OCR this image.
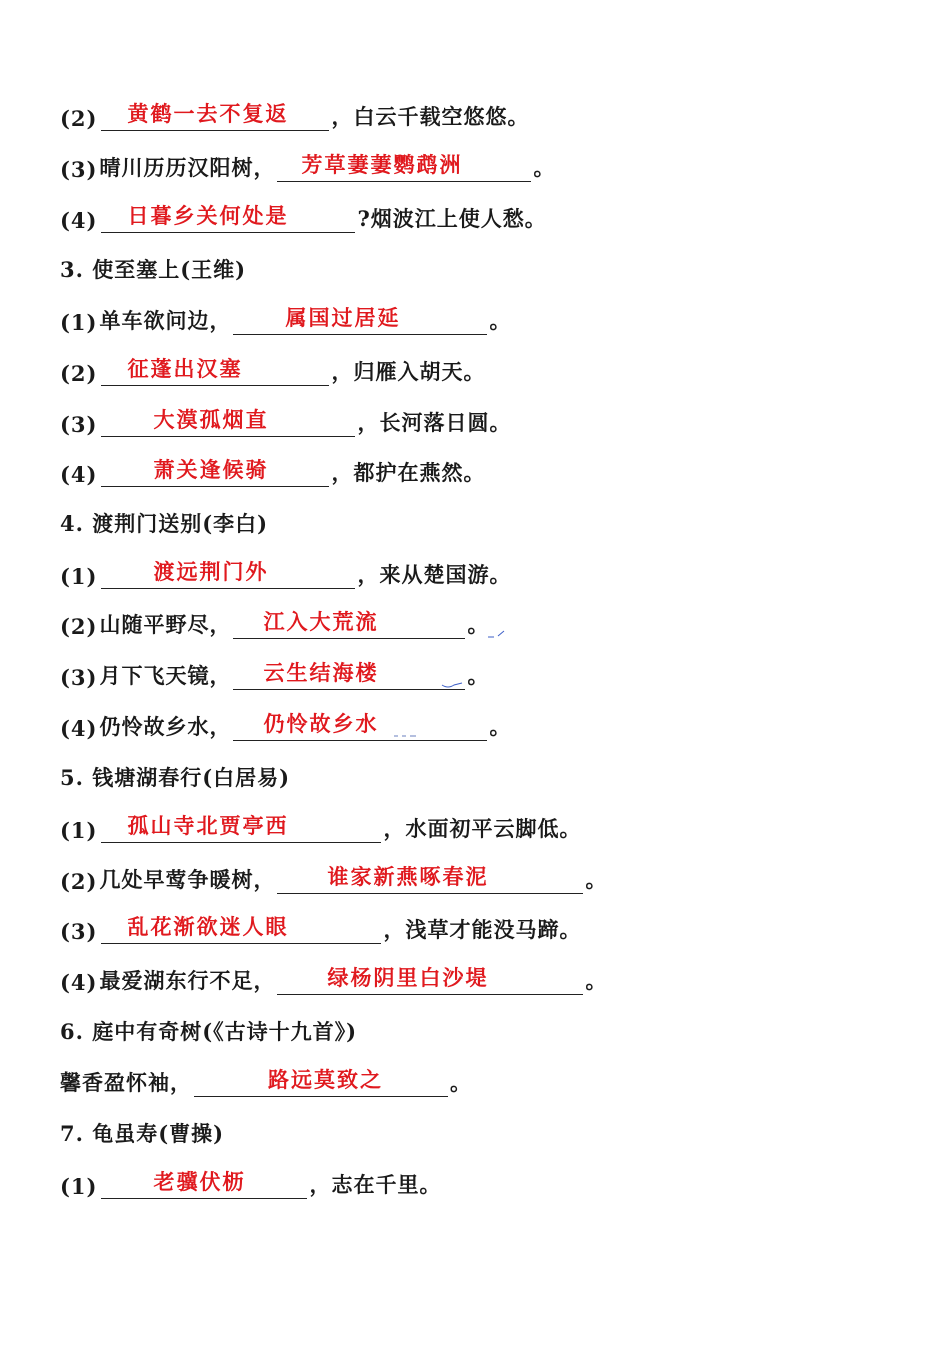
(2)	黄鹤一去不复返	，白云千载空悠悠。
(3) 晴川历历汉阳树，	芳草萋萋鹦鹉洲	。
(4)	日暮乡关何处是	?烟波江上使人愁。
3. 使至塞上(王维)
(1) 单车欲问边，	属国过居延	。
(2)	征蓬出汉塞	，归雁入胡天。
(3)	大漠孤烟直	，长河落日圆。
(4)	萧关逢候骑	，都护在燕然。
4. 渡荆门送别(李白)
(1)	渡远荆门外	，来从楚国游。
(2) 山随平野尽，	江入大荒流	。
(3) 月下飞天镜，	云生结海楼	。
(4) 仍怜故乡水，	仍怜故乡水	。
5. 钱塘湖春行(白居易)
(1)	孤山寺北贾亭西	，水面初平云脚低。
(2) 几处早莺争暖树，	谁家新燕啄春泥	。
(3)	乱花渐欲迷人眼	，浅草才能没马蹄。
(4) 最爱湖东行不足，	绿杨阴里白沙堤	。
6. 庭中有奇树(《古诗十九首》)
馨香盈怀袖，	路远莫致之	。
7. 龟虽寿(曹操)
(1)	老骥伏枥	，志在千里。
